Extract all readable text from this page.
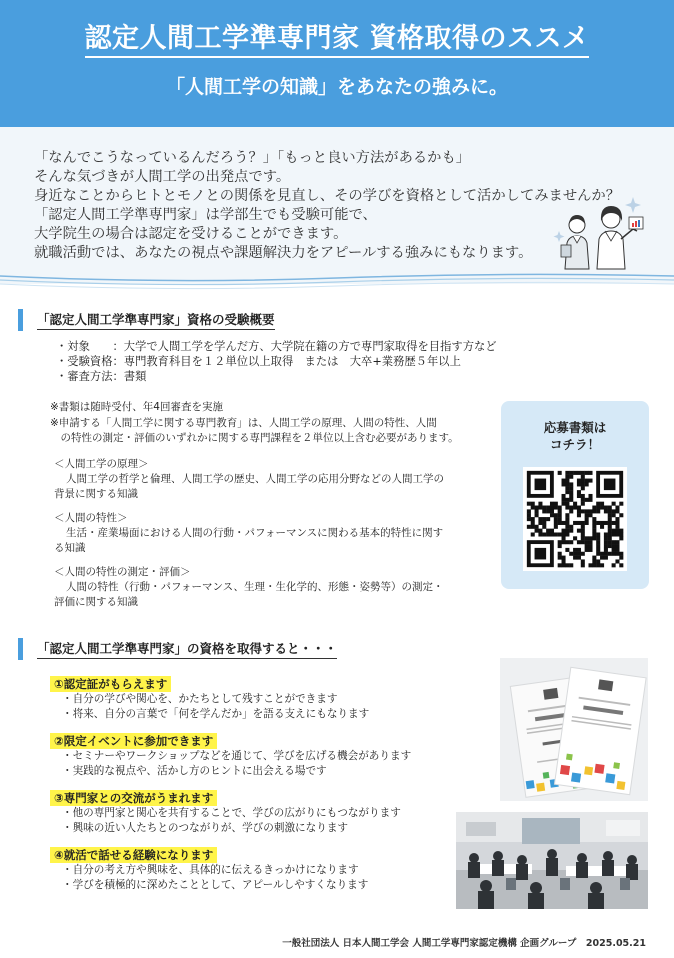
認定人間工学準専門家 資格取得のススメ
「人間工学の知識」をあなたの強みに。
「なんでこうなっているんだろう？」「もっと良い方法があるかも」
そんな気づきが人間工学の出発点です。
身近なことからヒトとモノとの関係を見直し、その学びを資格として活かしてみませんか？
「認定人間工学準専門家」は学部生でも受験可能で、
大学院生の場合は認定を受けることができます。
就職活動では、あなたの視点や課題解決力をアピールする強みにもなります。
「認定人間工学準専門家」資格の受験概要
・対象　　：大学で人間工学を学んだ方、大学院在籍の方で専門家取得を目指す方など
・受験資格：専門教育科目を１２単位以上取得　または　大卒+業務歴５年以上
・審査方法：書類
※書類は随時受付、年4回審査を実施
※申請する「人間工学に関する専門教育」は、人間工学の原理、人間の特性、人間
　の特性の測定・評価のいずれかに関する専門課程を２単位以上含む必要があります。
＜人間工学の原理＞
人間工学の哲学と倫理、人間工学の歴史、人間工学の応用分野などの人間工学の
背景に関する知識
＜人間の特性＞
生活・産業場面における人間の行動・パフォーマンスに関わる基本的特性に関す
る知識
＜人間の特性の測定・評価＞
人間の特性（行動・パフォーマンス、生理・生化学的、形態・姿勢等）の測定・
評価に関する知識
応募書類は
コチラ！
「認定人間工学準専門家」の資格を取得すると・・・
①認定証がもらえます
・自分の学びや関心を、かたちとして残すことができます
・将来、自分の言葉で「何を学んだか」を語る支えにもなります
②限定イベントに参加できます
・セミナーやワークショップなどを通じて、学びを広げる機会があります
・実践的な視点や、活かし方のヒントに出会える場です
③専門家との交流がうまれます
・他の専門家と関心を共有することで、学びの広がりにもつながります
・興味の近い人たちとのつながりが、学びの刺激になります
④就活で話せる経験になります
・自分の考え方や興味を、具体的に伝えるきっかけになります
・学びを積極的に深めたこととして、アピールしやすくなります
一般社団法人 日本人間工学会 人間工学専門家認定機構 企画グループ　2025.05.21
